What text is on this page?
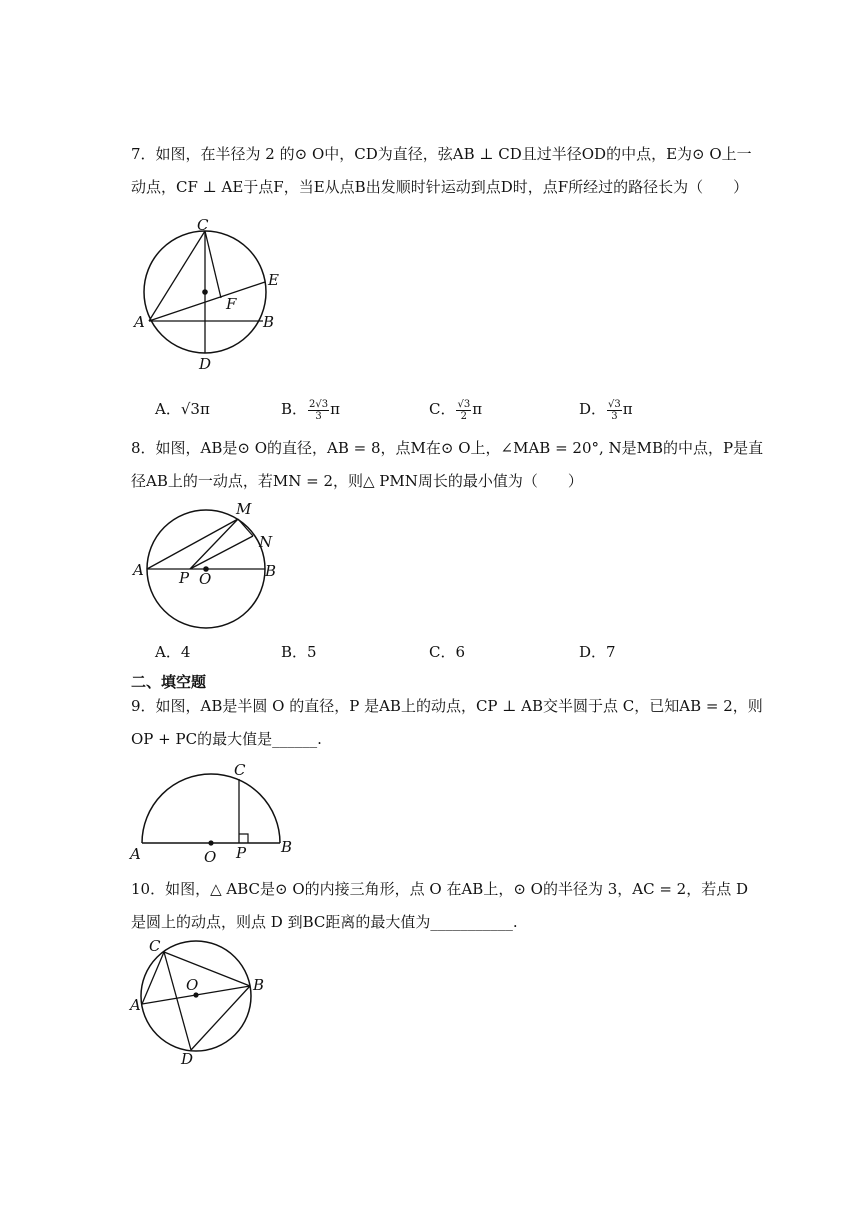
7．如图，在半径为 2 的⊙ O中，CD为直径，弦AB ⊥ CD且过半径OD的中点，E为⊙ O上一
动点，CF ⊥ AE于点F，当E从点B出发顺时针运动到点D时，点F所经过的路径长为（　　）
C
E
F
A	B
D
A．√3π	B． $\frac{2√3}{3}$ π	C． $\frac{√3}{2}$ π	D． $\frac{√3}{3}$ π
8．如图，AB是⊙ O的直径，AB = 8，点M在⊙ O上，∠MAB = 20°, N是MB的中点，P是直
径AB上的一动点，若MN = 2，则△ PMN周长的最小值为（　　）
M
N
A P O	B
A．4	B．5	C．6	D．7
二、填空题
9．如图，AB是半圆 O 的直径，P 是AB上的动点，CP ⊥ AB交半圆于点 C，已知AB = 2，则
OP + PC的最大值是______.
C
A	O P B
10．如图，△ ABC是⊙ O的内接三角形，点 O 在AB上，⊙ O的半径为 3，AC = 2，若点 D
是圆上的动点，则点 D 到BC距离的最大值为___________.
C
O	B
A
D
